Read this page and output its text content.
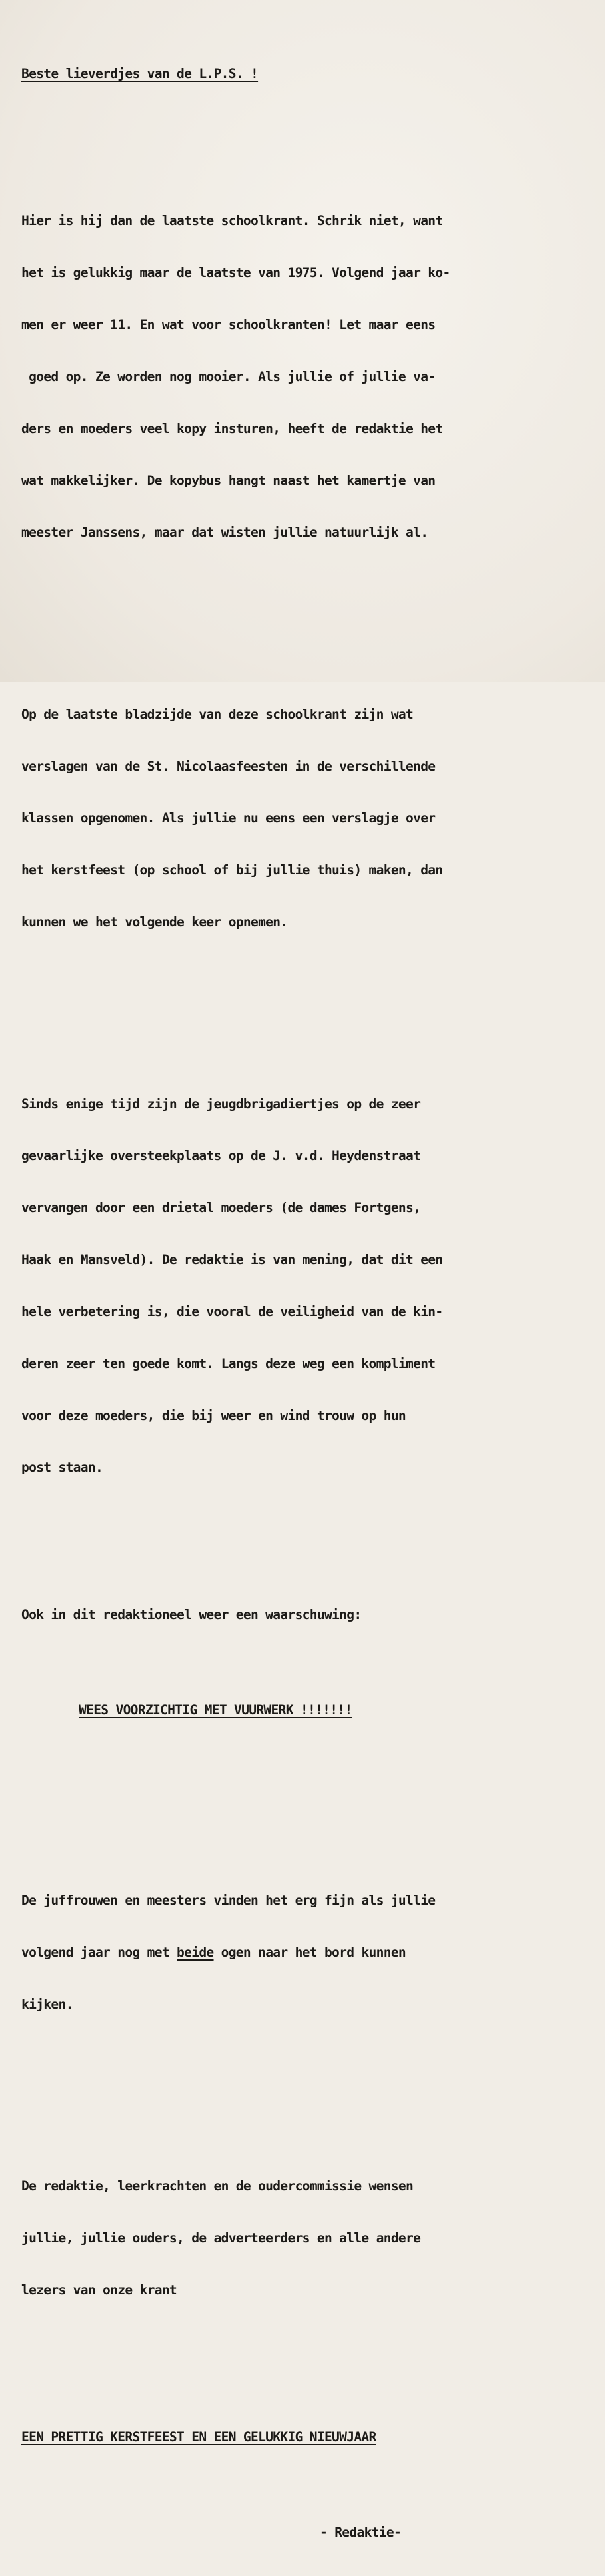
Beste lieverdjes van de L.P.S. !

Hier is hij dan de laatste schoolkrant. Schrik niet, want

het is gelukkig maar de laatste van 1975. Volgend jaar ko-

men er weer 11. En wat voor schoolkranten! Let maar eens

goed op. Ze worden nog mooier. Als jullie of jullie va-

ders en moeders veel kopy insturen, heeft de redaktie het

wat makkelijker. De kopybus hangt naast het kamertje van

meester Janssens, maar dat wisten jullie natuurlijk al.

Op de laatste bladzijde van deze schoolkrant zijn wat

verslagen van de St. Nicolaasfeesten in de verschillende

klassen opgenomen. Als jullie nu eens een verslagje over

het kerstfeest (op school of bij jullie thuis) maken, dan

kunnen we het volgende keer opnemen.

Sinds enige tijd zijn de jeugdbrigadiertjes op de zeer

gevaarlijke oversteekplaats op de J. v.d. Heydenstraat

vervangen door een drietal moeders (de dames Fortgens,

Haak en Mansveld). De redaktie is van mening, dat dit een

hele verbetering is, die vooral de veiligheid van de kin-

deren zeer ten goede komt. Langs deze weg een kompliment

voor deze moeders, die bij weer en wind trouw op hun

post staan.

Ook in dit redaktioneel weer een waarschuwing:

WEES VOORZICHTIG MET VUURWERK !!!!!!!

De juffrouwen en meesters vinden het erg fijn als jullie

volgend jaar nog met beide ogen naar het bord kunnen

kijken.

De redaktie, leerkrachten en de oudercommissie wensen

jullie, jullie ouders, de adverteerders en alle andere

lezers van onze krant

EEN PRETTIG KERSTFEEST EN EEN GELUKKIG NIEUWJAAR

- Redaktie-
